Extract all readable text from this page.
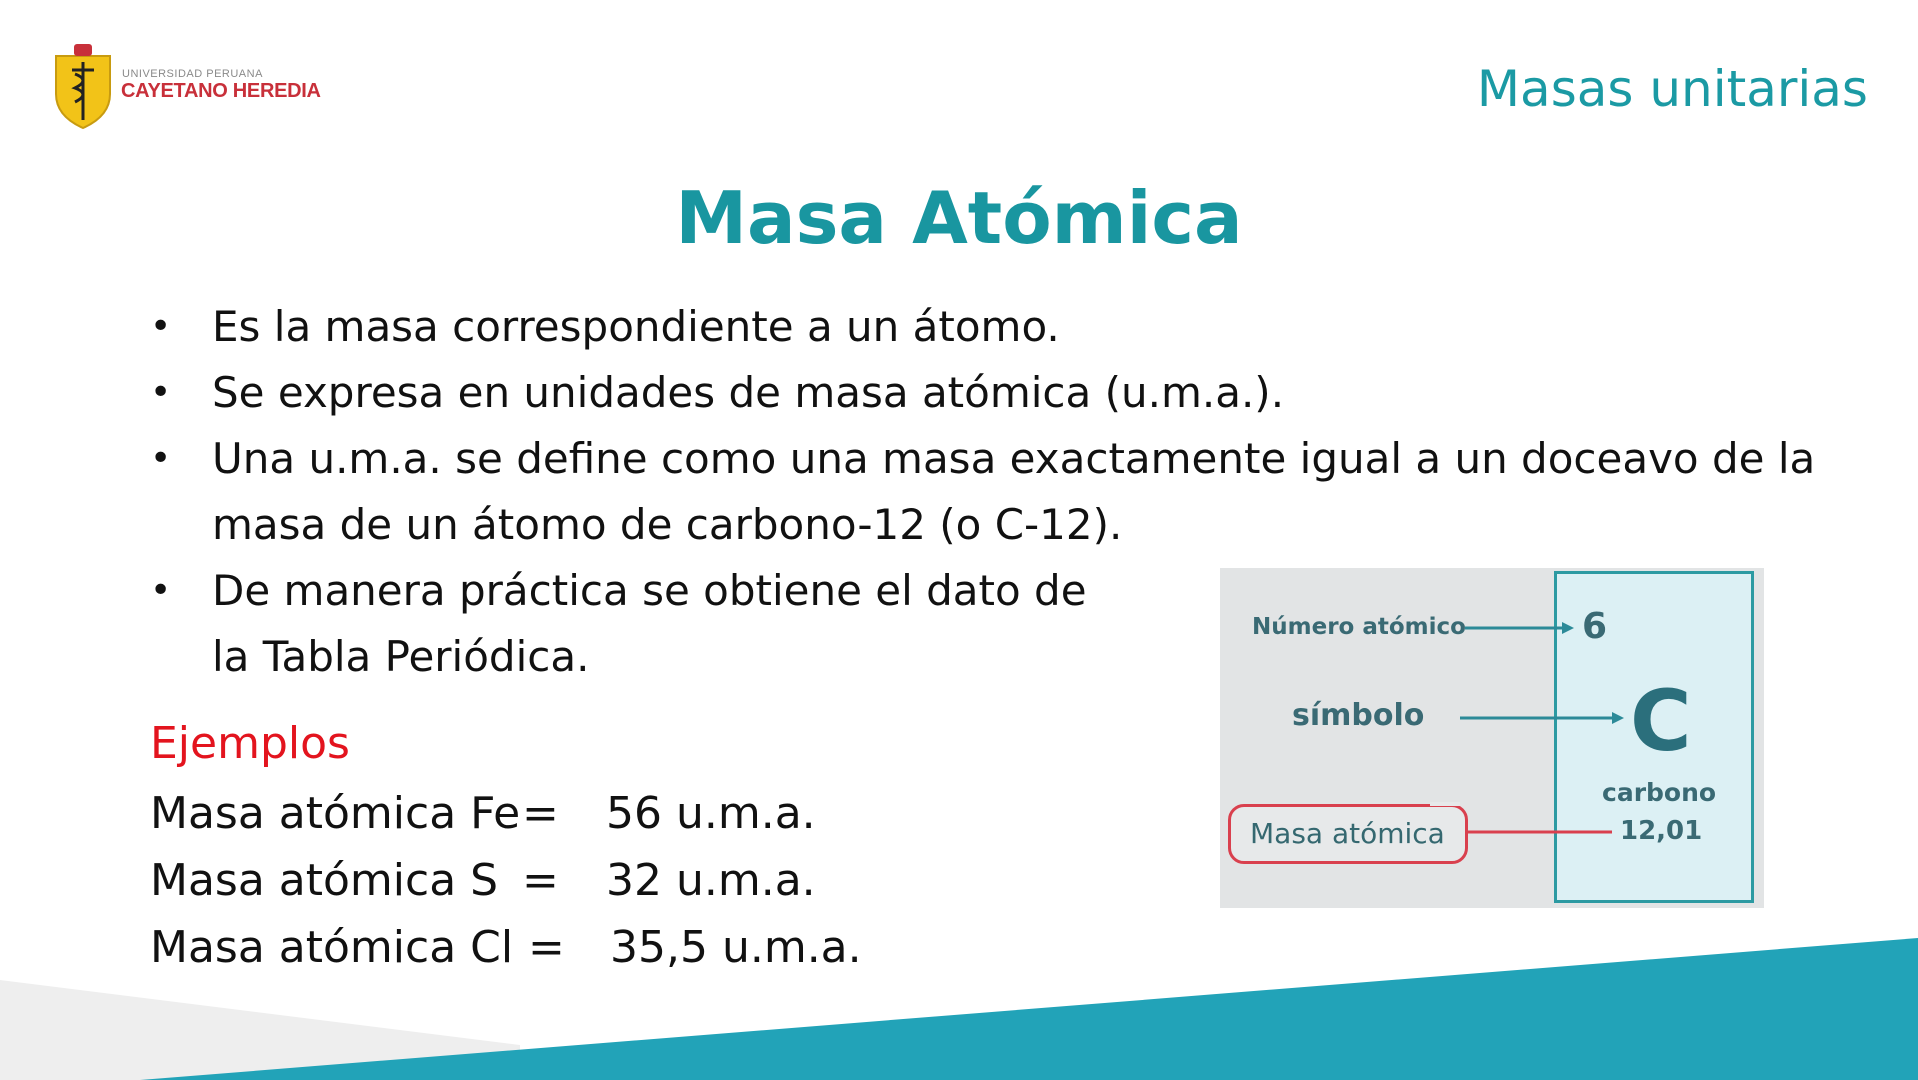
UNIVERSIDAD PERUANA
CAYETANO HEREDIA	Masas unitarias
Masa Atómica
• Es la masa correspondiente a un átomo.
• Se expresa en unidades de masa atómica (u.m.a.).
• Una u.m.a. se define como una masa exactamente igual a un doceavo de la masa de un átomo de carbono-12 (o C-12).
• De manera práctica se obtiene el dato de la Tabla Periódica.
Ejemplos
Masa atómica Fe = 56 u.m.a.
Masa atómica S = 32 u.m.a.
Masa atómica Cl = 35,5 u.m.a.
Número atómico	6
símbolo C
carbono
12,01
Masa atómica
